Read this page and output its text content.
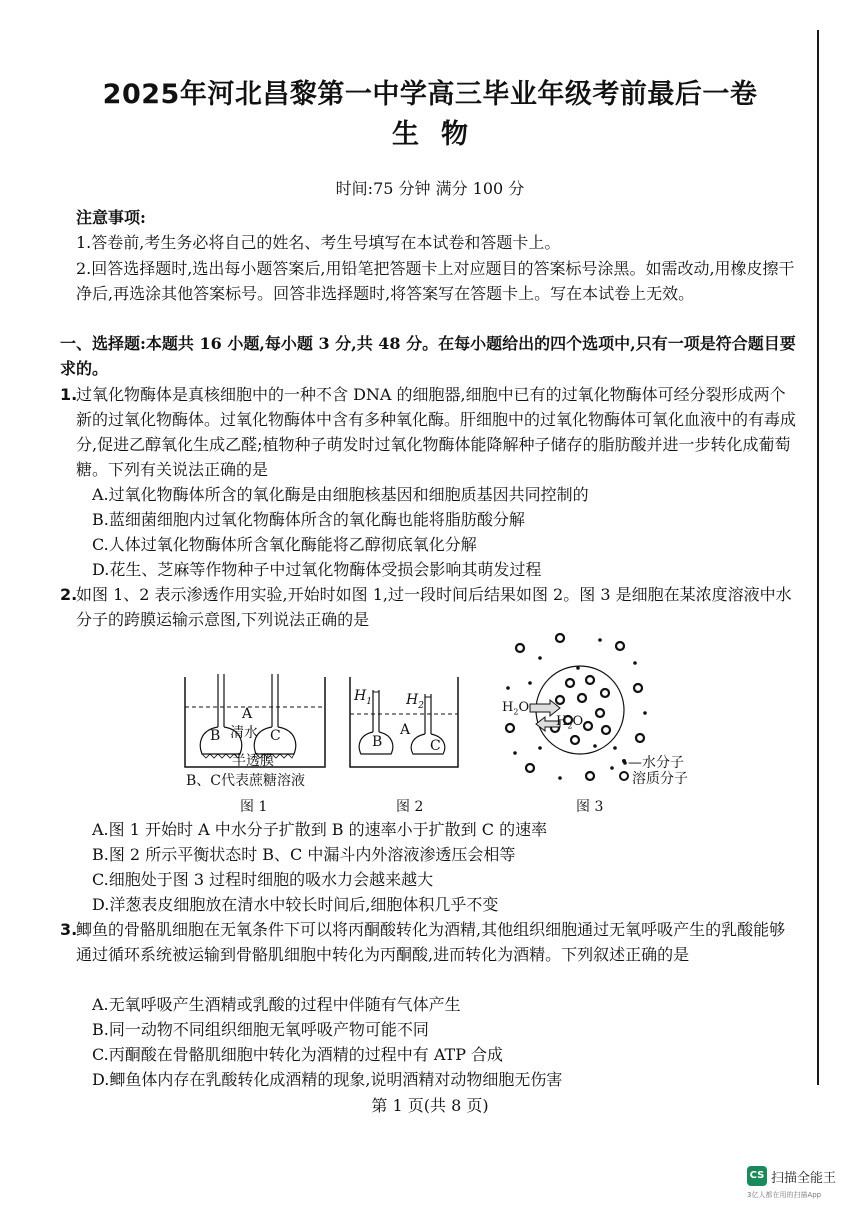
2025年河北昌黎第一中学高三毕业年级考前最后一卷
生物
时间:75 分钟 满分 100 分
注意事项:
1.答卷前,考生务必将自己的姓名、考生号填写在本试卷和答题卡上。
2.回答选择题时,选出每小题答案后,用铅笔把答题卡上对应题目的答案标号涂黑。如需改动,用橡皮擦干净后,再选涂其他答案标号。回答非选择题时,将答案写在答题卡上。写在本试卷上无效。
一、选择题:本题共 16 小题,每小题 3 分,共 48 分。在每小题给出的四个选项中,只有一项是符合题目要求的。
1.
过氧化物酶体是真核细胞中的一种不含 DNA 的细胞器,细胞中已有的过氧化物酶体可经分裂形成两个新的过氧化物酶体。过氧化物酶体中含有多种氧化酶。肝细胞中的过氧化物酶体可氧化血液中的有毒成分,促进乙醇氧化生成乙醛;植物种子萌发时过氧化物酶体能降解种子储存的脂肪酸并进一步转化成葡萄糖。下列有关说法正确的是
A.过氧化物酶体所含的氧化酶是由细胞核基因和细胞质基因共同控制的
B.蓝细菌细胞内过氧化物酶体所含的氧化酶也能将脂肪酸分解
C.人体过氧化物酶体所含氧化酶能将乙醇彻底氧化分解
D.花生、芝麻等作物种子中过氧化物酶体受损会影响其萌发过程
2.
如图 1、2 表示渗透作用实验,开始时如图 1,过一段时间后结果如图 2。图 3 是细胞在某浓度溶液中水分子的跨膜运输示意图,下列说法正确的是
A
清水
B	C
半透膜
B、C代表蔗糖溶液
图 1
$H_1$ $H_2$
A
B	C
图 2
$H_2O$
$H_2O$
—水分子
溶质分子
图 3
A.图 1 开始时 A 中水分子扩散到 B 的速率小于扩散到 C 的速率
B.图 2 所示平衡状态时 B、C 中漏斗内外溶液渗透压会相等
C.细胞处于图 3 过程时细胞的吸水力会越来越大
D.洋葱表皮细胞放在清水中较长时间后,细胞体积几乎不变
3.
鲫鱼的骨骼肌细胞在无氧条件下可以将丙酮酸转化为酒精,其他组织细胞通过无氧呼吸产生的乳酸能够通过循环系统被运输到骨骼肌细胞中转化为丙酮酸,进而转化为酒精。下列叙述正确的是
A.无氧呼吸产生酒精或乳酸的过程中伴随有气体产生
B.同一动物不同组织细胞无氧呼吸产物可能不同
C.丙酮酸在骨骼肌细胞中转化为酒精的过程中有 ATP 合成
D.鲫鱼体内存在乳酸转化成酒精的现象,说明酒精对动物细胞无伤害
第 1 页(共 8 页)
CS 扫描全能王
3亿人都在用的扫描App
